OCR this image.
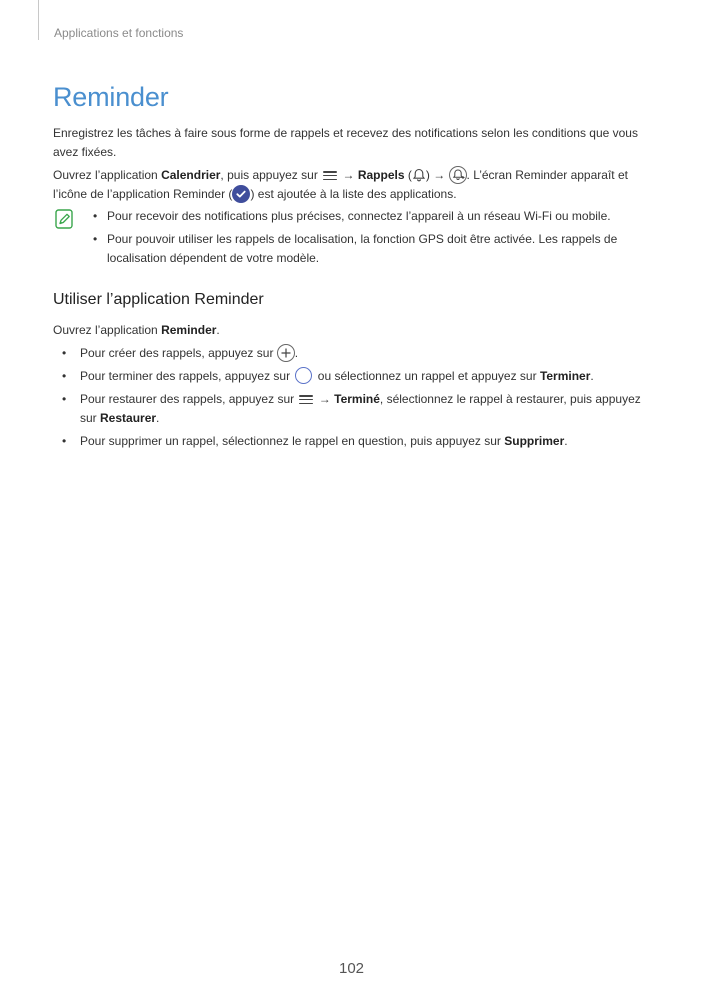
Applications et fonctions
Reminder

Enregistrez les tâches à faire sous forme de rappels et recevez des notifications selon les conditions que vous avez fixées.

Ouvrez l’application Calendrier, puis appuyez sur
→ Rappels ( ) → . L’écran Reminder apparaît et l’icône de l’application Reminder ( ) est ajoutée à la liste des applications.

• Pour recevoir des notifications plus précises, connectez l’appareil à un réseau Wi-Fi ou mobile.
• Pour pouvoir utiliser les rappels de localisation, la fonction GPS doit être activée. Les rappels de localisation dépendent de votre modèle.
Utiliser l’application Reminder

Ouvrez l’application Reminder.

• Pour créer des rappels, appuyez sur .
• Pour terminer des rappels, appuyez sur  ou sélectionnez un rappel et appuyez sur Terminer.
• Pour restaurer des rappels, appuyez sur
→ Terminé, sélectionnez le rappel à restaurer, puis appuyez sur Restaurer.
• Pour supprimer un rappel, sélectionnez le rappel en question, puis appuyez sur Supprimer.
102
